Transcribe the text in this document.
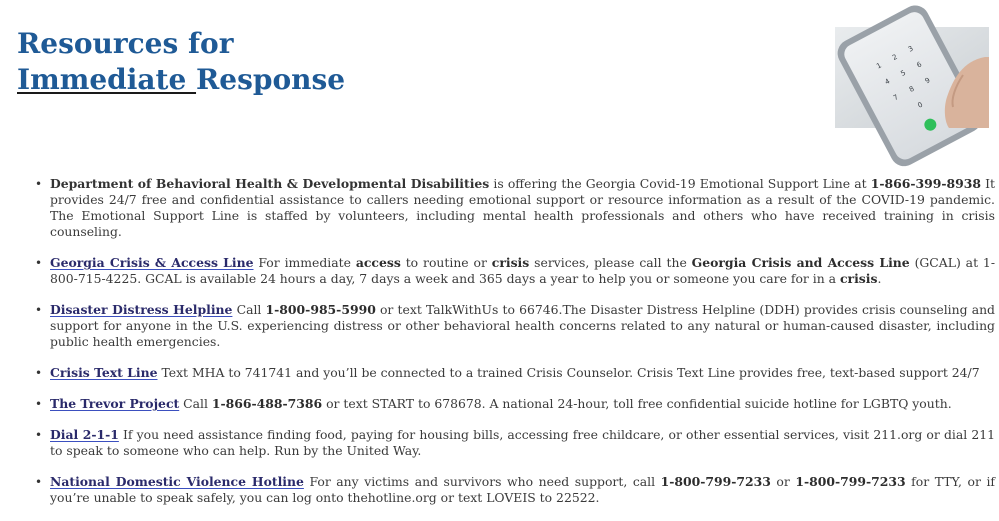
Resources for
Immediate Response	1
2
3
4
5
6
7
8
9
0
• Department of Behavioral Health & Developmental Disabilities is offering the Georgia Covid-19 Emotional Support Line at 1-866-399-8938 It provides 24/7 free and confidential assistance to callers needing emotional support or resource information as a result of the COVID-19 pandemic. The Emotional Support Line is staffed by volunteers, including mental health professionals and others who have received training in crisis counseling.
• Georgia Crisis & Access Line For immediate access to routine or crisis services, please call the Georgia Crisis and Access Line (GCAL) at 1-800-715-4225. GCAL is available 24 hours a day, 7 days a week and 365 days a year to help you or someone you care for in a crisis.
• Disaster Distress Helpline Call 1-800-985-5990 or text TalkWithUs to 66746.The Disaster Distress Helpline (DDH) provides crisis counseling and support for anyone in the U.S. experiencing distress or other behavioral health concerns related to any natural or human-caused disaster, including public health emergencies.
• Crisis Text Line Text MHA to 741741 and you’ll be connected to a trained Crisis Counselor. Crisis Text Line provides free, text-based support 24/7
• The Trevor Project Call 1-866-488-7386 or text START to 678678. A national 24-hour, toll free confidential suicide hotline for LGBTQ youth.
• Dial 2-1-1 If you need assistance finding food, paying for housing bills, accessing free childcare, or other essential services, visit 211.org or dial 211 to speak to someone who can help. Run by the United Way.
• National Domestic Violence Hotline For any victims and survivors who need support, call 1-800-799-7233 or 1-800-799-7233 for TTY, or if you’re unable to speak safely, you can log onto thehotline.org or text LOVEIS to 22522.
